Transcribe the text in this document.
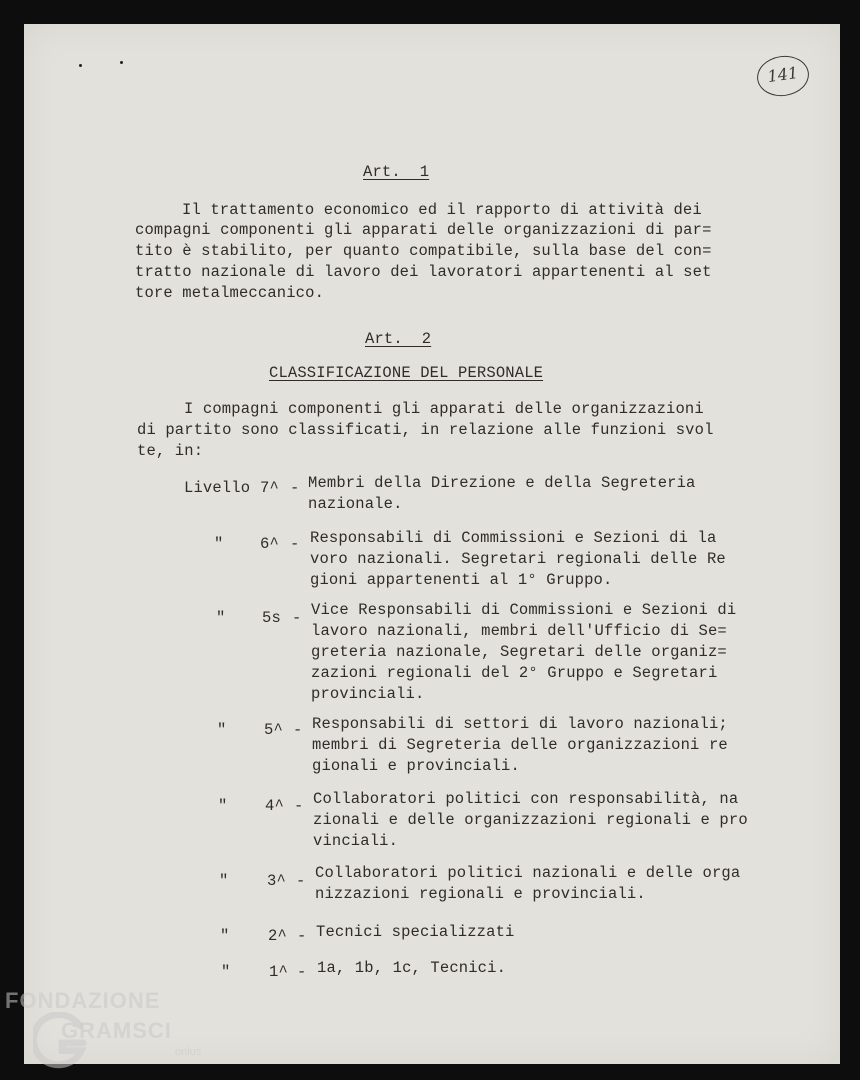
141
Art.  1
Il trattamento economico ed il rapporto di attività dei
compagni componenti gli apparati delle organizzazioni di par=
tito è stabilito, per quanto compatibile, sulla base del con=
tratto nazionale di lavoro dei lavoratori appartenenti al set
tore metalmeccanico.
Art.  2
CLASSIFICAZIONE DEL PERSONALE
I compagni componenti gli apparati delle organizzazioni
di partito sono classificati, in relazione alle funzioni svol
te, in:
Livello 7^ - Membri della Direzione e della Segreteria
nazionale.
" 6^ - Responsabili di Commissioni e Sezioni di la
voro nazionali. Segretari regionali delle Re
gioni appartenenti al 1° Gruppo.
" 5s - Vice Responsabili di Commissioni e Sezioni di
lavoro nazionali, membri dell'Ufficio di Se=
greteria nazionale, Segretari delle organiz=
zazioni regionali del 2° Gruppo e Segretari
provinciali.
" 5^ - Responsabili di settori di lavoro nazionali;
membri di Segreteria delle organizzazioni re
gionali e provinciali.
" 4^ - Collaboratori politici con responsabilità, na
zionali e delle organizzazioni regionali e pro
vinciali.
" 3^ - Collaboratori politici nazionali e delle orga
nizzazioni regionali e provinciali.
" 2^ - Tecnici specializzati
" 1^ - 1a, 1b, 1c, Tecnici.
FONDAZIONE
GRAMSCI
onlus
